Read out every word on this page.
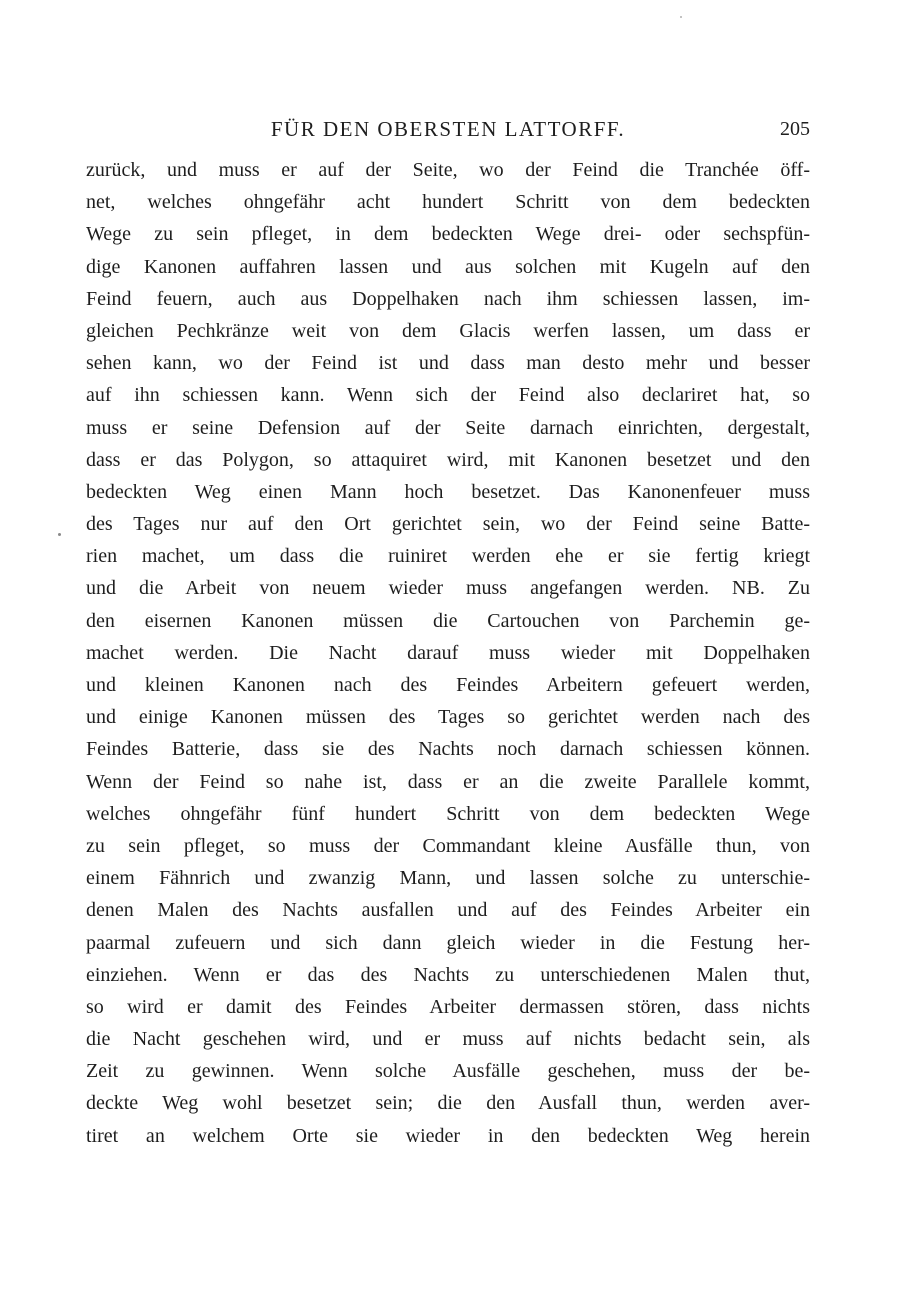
FÜR DEN OBERSTEN LATTORFF.	205
zurück, und muss er auf der Seite, wo der Feind die Tranchée öff-
net, welches ohngefähr acht hundert Schritt von dem bedeckten
Wege zu sein pfleget, in dem bedeckten Wege drei- oder sechspfün-
dige Kanonen auffahren lassen und aus solchen mit Kugeln auf den
Feind feuern, auch aus Doppelhaken nach ihm schiessen lassen, im-
gleichen Pechkränze weit von dem Glacis werfen lassen, um dass er
sehen kann, wo der Feind ist und dass man desto mehr und besser
auf ihn schiessen kann. Wenn sich der Feind also declariret hat, so
muss er seine Defension auf der Seite darnach einrichten, dergestalt,
dass er das Polygon, so attaquiret wird, mit Kanonen besetzet und den
bedeckten Weg einen Mann hoch besetzet. Das Kanonenfeuer muss
des Tages nur auf den Ort gerichtet sein, wo der Feind seine Batte-
rien machet, um dass die ruiniret werden ehe er sie fertig kriegt
und die Arbeit von neuem wieder muss angefangen werden. NB. Zu
den eisernen Kanonen müssen die Cartouchen von Parchemin ge-
machet werden. Die Nacht darauf muss wieder mit Doppelhaken
und kleinen Kanonen nach des Feindes Arbeitern gefeuert werden,
und einige Kanonen müssen des Tages so gerichtet werden nach des
Feindes Batterie, dass sie des Nachts noch darnach schiessen können.
Wenn der Feind so nahe ist, dass er an die zweite Parallele kommt,
welches ohngefähr fünf hundert Schritt von dem bedeckten Wege
zu sein pfleget, so muss der Commandant kleine Ausfälle thun, von
einem Fähnrich und zwanzig Mann, und lassen solche zu unterschie-
denen Malen des Nachts ausfallen und auf des Feindes Arbeiter ein
paarmal zufeuern und sich dann gleich wieder in die Festung her-
einziehen. Wenn er das des Nachts zu unterschiedenen Malen thut,
so wird er damit des Feindes Arbeiter dermassen stören, dass nichts
die Nacht geschehen wird, und er muss auf nichts bedacht sein, als
Zeit zu gewinnen. Wenn solche Ausfälle geschehen, muss der be-
deckte Weg wohl besetzet sein; die den Ausfall thun, werden aver-
tiret an welchem Orte sie wieder in den bedeckten Weg herein
